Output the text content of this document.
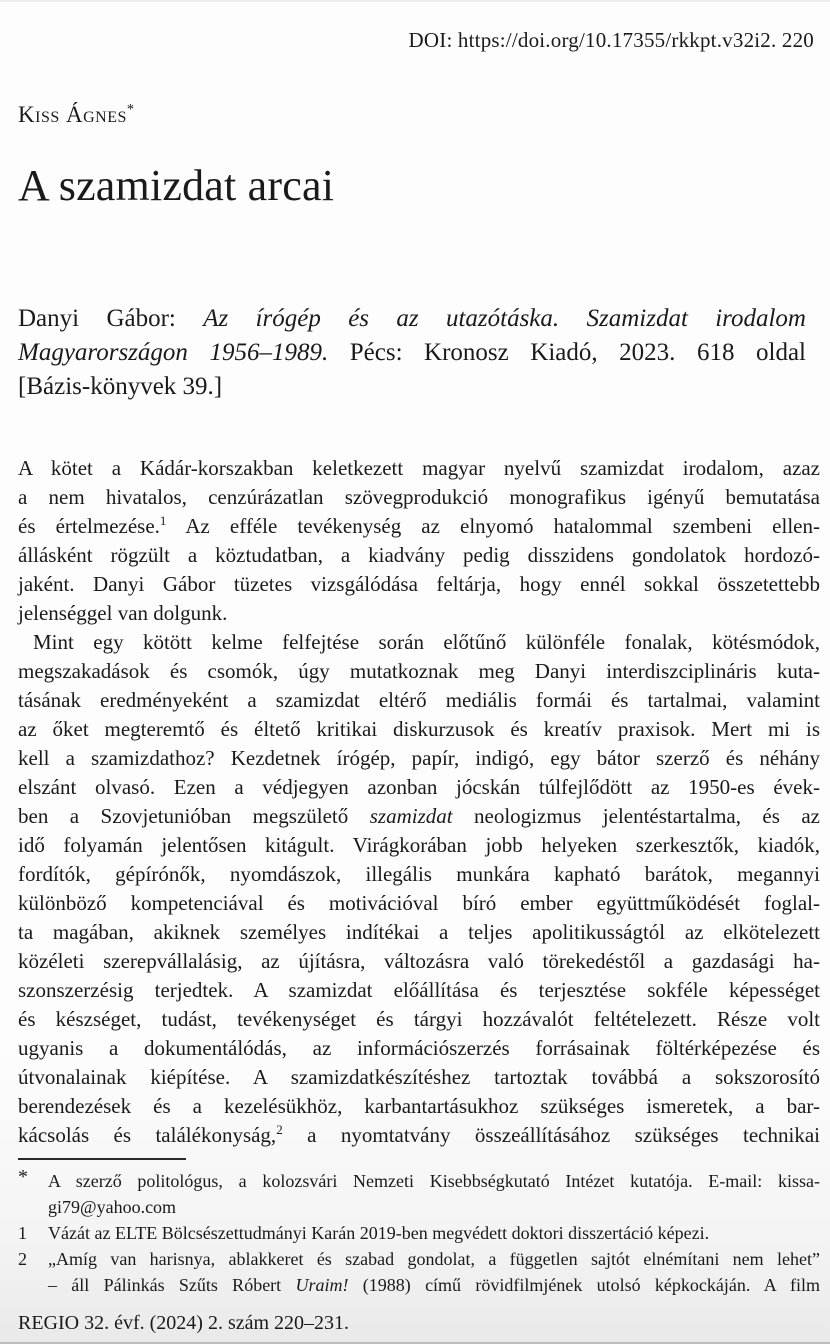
DOI: https://doi.org/10.17355/rkkpt.v32i2. 220
Kiss Ágnes*
A szamizdat arcai
Danyi Gábor: Az írógép és az utazótáska. Szamizdat irodalom
Magyarországon 1956–1989. Pécs: Kronosz Kiadó, 2023. 618 oldal
[Bázis-könyvek 39.]
A kötet a Kádár-korszakban keletkezett magyar nyelvű szamizdat irodalom, azaz
a nem hivatalos, cenzúrázatlan szövegprodukció monografikus igényű bemutatása
és értelmezése.$^1$ Az efféle tevékenység az elnyomó hatalommal szembeni ellen-
állásként rögzült a köztudatban, a kiadvány pedig disszidens gondolatok hordozó-
jaként. Danyi Gábor tüzetes vizsgálódása feltárja, hogy ennél sokkal összetettebb
jelenséggel van dolgunk.
Mint egy kötött kelme felfejtése során előtűnő különféle fonalak, kötésmódok,
megszakadások és csomók, úgy mutatkoznak meg Danyi interdiszciplináris kuta-
tásának eredményeként a szamizdat eltérő mediális formái és tartalmai, valamint
az őket megteremtő és éltető kritikai diskurzusok és kreatív praxisok. Mert mi is
kell a szamizdathoz? Kezdetnek írógép, papír, indigó, egy bátor szerző és néhány
elszánt olvasó. Ezen a védjegyen azonban jócskán túlfejlődött az 1950-es évek-
ben a Szovjetunióban megszülető szamizdat neologizmus jelentéstartalma, és az
idő folyamán jelentősen kitágult. Virágkorában jobb helyeken szerkesztők, kiadók,
fordítók, gépírónők, nyomdászok, illegális munkára kapható barátok, megannyi
különböző kompetenciával és motivációval bíró ember együttműködését foglal-
ta magában, akiknek személyes indítékai a teljes apolitikusságtól az elkötelezett
közéleti szerepvállalásig, az újításra, változásra való törekedéstől a gazdasági ha-
szonszerzésig terjedtek. A szamizdat előállítása és terjesztése sokféle képességet
és készséget, tudást, tevékenységet és tárgyi hozzávalót feltételezett. Része volt
ugyanis a dokumentálódás, az információszerzés forrásainak föltérképezése és
útvonalainak kiépítése. A szamizdatkészítéshez tartoztak továbbá a sokszorosító
berendezések és a kezelésükhöz, karbantartásukhoz szükséges ismeretek, a bar-
kácsolás és találékonyság,$^2$ a nyomtatvány összeállításához szükséges technikai
*	A szerző politológus, a kolozsvári Nemzeti Kisebbségkutató Intézet kutatója. E-mail: kissa-
gi79@yahoo.com
1	Vázát az ELTE Bölcsészettudmányi Karán 2019-ben megvédett doktori disszertáció képezi.
2	„Amíg van harisnya, ablakkeret és szabad gondolat, a független sajtót elnémítani nem lehet”
– áll Pálinkás Szűts Róbert Uraim! (1988) című rövidfilmjének utolsó képkockáján. A film
REGIO 32. évf. (2024) 2. szám 220–231.
